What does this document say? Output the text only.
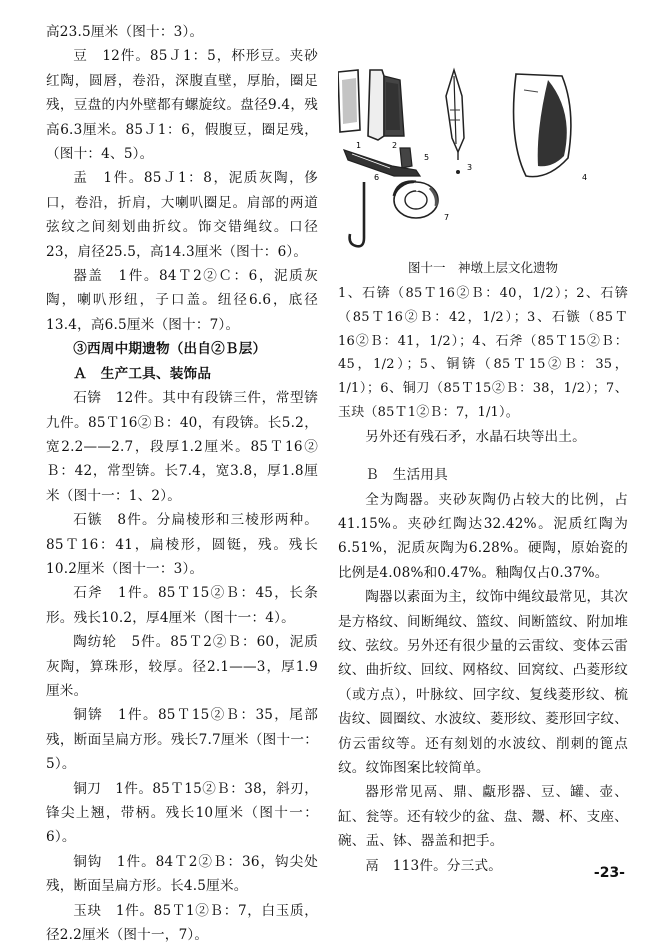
高23.5厘米（图十：3）。

豆　12件。85Ｊ1：5，杯形豆。夹砂红陶，圆唇，卷沿，深腹直壁，厚胎，圈足残，豆盘的内外壁都有螺旋纹。盘径9.4，残高6.3厘米。85Ｊ1：6，假腹豆，圈足残，（图十：4、5）。

盂　1件。85Ｊ1：8，泥质灰陶，侈口，卷沿，折肩，大喇叭圈足。肩部的两道弦纹之间刻划曲折纹。饰交错绳纹。口径23，肩径25.5，高14.3厘米（图十：6）。

器盖　1件。84Ｔ2②Ｃ：6，泥质灰陶，喇叭形纽，子口盖。纽径6.6，底径13.4，高6.5厘米（图十：7）。

③西周中期遗物（出自②Ｂ层）

Ａ　生产工具、装饰品

石锛　12件。其中有段锛三件，常型锛九件。85Ｔ16②Ｂ：40，有段锛。长5.2，宽2.2——2.7，段厚1.2厘米。85Ｔ16②Ｂ：42，常型锛。长7.4，宽3.8，厚1.8厘米（图十一：1、2）。

石镞　8件。分扁棱形和三棱形两种。85Ｔ16：41，扁棱形，圆铤，残。残长10.2厘米（图十一：3）。

石斧　1件。85Ｔ15②Ｂ：45，长条形。残长10.2，厚4厘米（图十一：4）。

陶纺轮　5件。85Ｔ2②Ｂ：60，泥质灰陶，算珠形，较厚。径2.1——3，厚1.9厘米。

铜锛　1件。85Ｔ15②Ｂ：35，尾部残，断面呈扁方形。残长7.7厘米（图十一：5）。

铜刀　1件。85Ｔ15②Ｂ：38，斜刃，锋尖上翘，带柄。残长10厘米（图十一：6）。

铜钩　1件。84Ｔ2②Ｂ：36，钩尖处残，断面呈扁方形。长4.5厘米。

玉玦　1件。85Ｔ1②Ｂ：7，白玉质，径2.2厘米（图十一，7）。

1	2
3
4
5
6
7
图十一　神墩上层文化遗物

1、石锛（85Ｔ16②Ｂ：40，1/2）；2、石锛（85Ｔ16②Ｂ：42，1/2）；3、石镞（85Ｔ16②Ｂ：41，1/2）；4、石斧（85Ｔ15②Ｂ：45，1/2）；5、铜锛（85Ｔ15②Ｂ：35，1/1）；6、铜刀（85Ｔ15②Ｂ：38，1/2）；7、玉玦（85Ｔ1②Ｂ：7，1/1）。

另外还有残石矛，水晶石块等出土。

Ｂ　生活用具

全为陶器。夹砂灰陶仍占较大的比例，占41.15%。夹砂红陶达32.42%。泥质红陶为6.51%，泥质灰陶为6.28%。硬陶，原始瓷的比例是4.08%和0.47%。釉陶仅占0.37%。

陶器以素面为主，纹饰中绳纹最常见，其次是方格纹、间断绳纹、篮纹、间断篮纹、附加堆纹、弦纹。另外还有很少量的云雷纹、变体云雷纹、曲折纹、回纹、网格纹、回窝纹、凸菱形纹（或方点），叶脉纹、回字纹、复线菱形纹、梳齿纹、圆圈纹、水波纹、菱形纹、菱形回字纹、仿云雷纹等。还有刻划的水波纹、削刺的篦点纹。纹饰图案比较简单。

器形常见鬲、鼎、甗形器、豆、罐、壶、缸、瓮等。还有较少的盆、盘、鬶、杯、支座、碗、盂、钵、器盖和把手。

鬲　113件。分三式。	-23-
